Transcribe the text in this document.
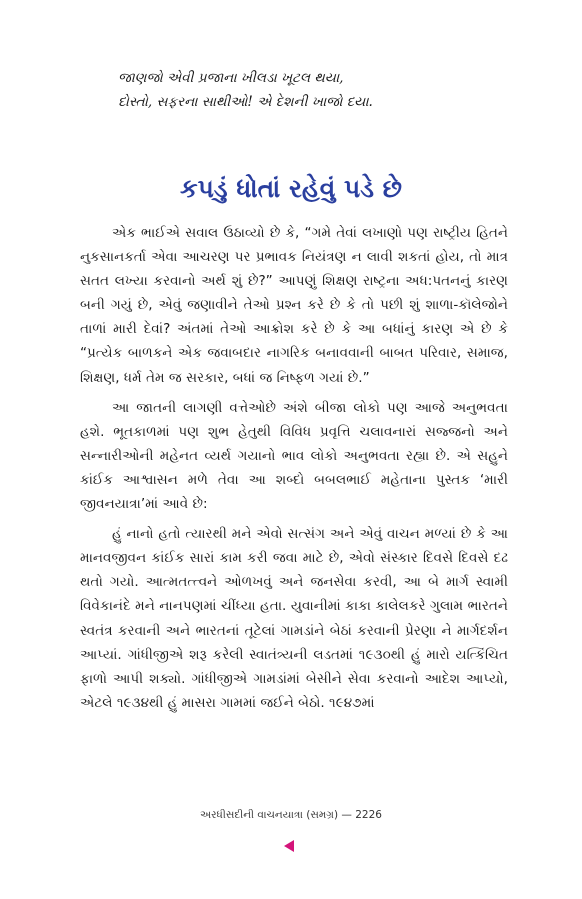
જાણજો એવી પ્રજાના ખીલડા ખૂટલ થયા,
દોસ્તો, સફરના સાથીઓ! એ દેશની ખાજો દયા.
કપડું ધોતાં રહેવું પડે છે

એક ભાઈએ સવાલ ઉઠાવ્યો છે કે, “ગમે તેવાં લખાણો પણ રાષ્ટ્રીય હિતને નુકસાનકર્તા એવા આચરણ પર પ્રભાવક નિયંત્રણ ન લાવી શકતાં હોય, તો માત્ર સતત લખ્યા કરવાનો અર્થ શું છે?” આપણું શિક્ષણ રાષ્ટ્રના અધ:પતનનું કારણ બની ગયું છે, એવું જણાવીને તેઓ પ્રશ્ન કરે છે કે તો પછી શું શાળા-કૉલેજોને તાળાં મારી દેવાં? અંતમાં તેઓ આક્રોશ કરે છે કે આ બધાંનું કારણ એ છે કે “પ્રત્યેક બાળકને એક જવાબદાર નાગરિક બનાવવાની બાબત પરિવાર, સમાજ, શિક્ષણ, ધર્મ તેમ જ સરકાર, બધાં જ નિષ્ફળ ગયાં છે.”

આ જાતની લાગણી વત્તેઓછે અંશે બીજા લોકો પણ આજે અનુભવતા હશે. ભૂતકાળમાં પણ શુભ હેતુથી વિવિધ પ્રવૃત્તિ ચલાવનારાં સજ્જનો અને સન્નારીઓની મહેનત વ્યર્થ ગયાનો ભાવ લોકો અનુભવતા રહ્યા છે. એ સહુને કાંઈક આશ્વાસન મળે તેવા આ શબ્દો બબલભાઈ મહેતાના પુસ્તક ‘મારી જીવનયાત્રા’માં આવે છે:

હું નાનો હતો ત્યારથી મને એવો સત્સંગ અને એવું વાચન મળ્યાં છે કે આ માનવજીવન કાંઈક સારાં કામ કરી જવા માટે છે, એવો સંસ્કાર દિવસે દિવસે દઢ થતો ગયો. આત્મતત્ત્વને ઓળખવું અને જનસેવા કરવી, આ બે માર્ગ સ્વામી વિવેકાનંદે મને નાનપણમાં ચીંધ્યા હતા. યુવાનીમાં કાકા કાલેલકરે ગુલામ ભારતને સ્વતંત્ર કરવાની અને ભારતનાં તૂટેલાં ગામડાંને બેઠાં કરવાની પ્રેરણા ને માર્ગદર્શન આપ્યાં. ગાંધીજીએ શરૂ કરેલી સ્વાતંત્ર્યની લડતમાં ૧૯૩૦થી હું મારો યત્કિંચિત ફાળો આપી શક્યો. ગાંધીજીએ ગામડાંમાં બેસીને સેવા કરવાનો આદેશ આપ્યો, એટલે ૧૯૩૪થી હું માસરા ગામમાં જઈને બેઠો. ૧૯૪૭માં

અરધીસદીની વાચનયાત્રા (સમગ્ર) — 2226
